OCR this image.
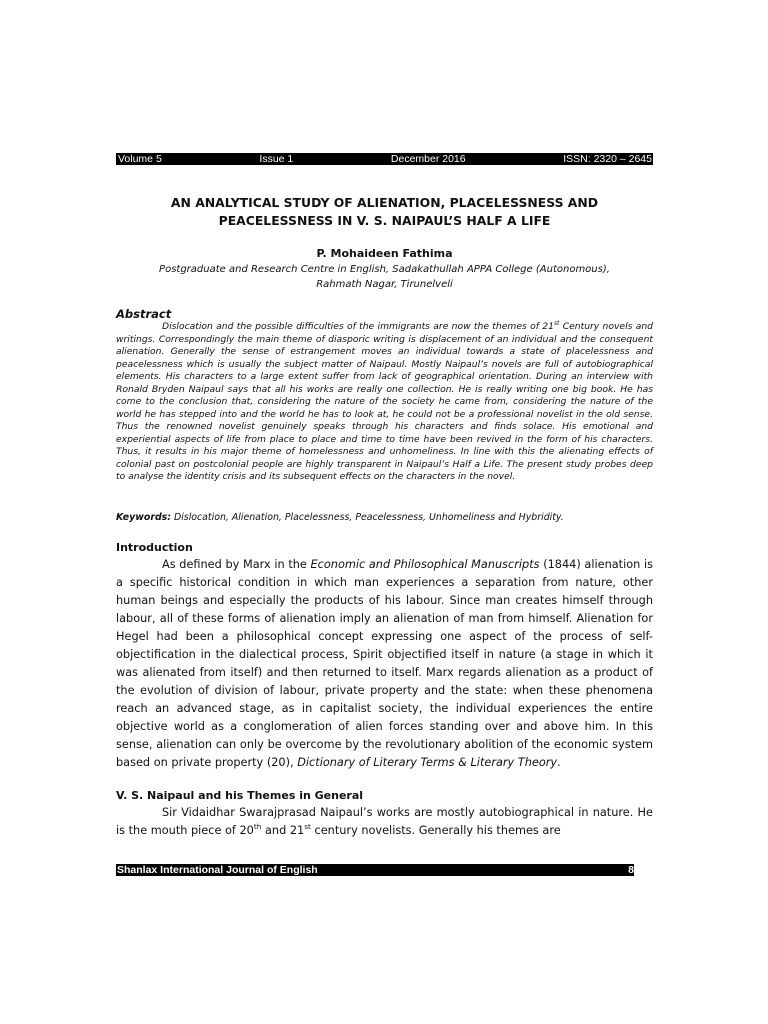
Volume 5	Issue 1	December 2016	ISSN: 2320 – 2645
AN ANALYTICAL STUDY OF ALIENATION, PLACELESSNESS AND
PEACELESSNESS IN V. S. NAIPAUL’S HALF A LIFE
P. Mohaideen Fathima
Postgraduate and Research Centre in English, Sadakathullah APPA College (Autonomous),
Rahmath Nagar, Tirunelveli
Abstract

Dislocation and the possible difficulties of the immigrants are now the themes of 21st Century novels and writings. Correspondingly the main theme of diasporic writing is displacement of an individual and the consequent alienation. Generally the sense of estrangement moves an individual towards a state of placelessness and peacelessness which is usually the subject matter of Naipaul. Mostly Naipaul’s novels are full of autobiographical elements. His characters to a large extent suffer from lack of geographical orientation. During an interview with Ronald Bryden Naipaul says that all his works are really one collection. He is really writing one big book. He has come to the conclusion that, considering the nature of the society he came from, considering the nature of the world he has stepped into and the world he has to look at, he could not be a professional novelist in the old sense. Thus the renowned novelist genuinely speaks through his characters and finds solace. His emotional and experiential aspects of life from place to place and time to time have been revived in the form of his characters. Thus, it results in his major theme of homelessness and unhomeliness. In line with this the alienating effects of colonial past on postcolonial people are highly transparent in Naipaul’s Half a Life. The present study probes deep to analyse the identity crisis and its subsequent effects on the characters in the novel.

Keywords: Dislocation, Alienation, Placelessness, Peacelessness, Unhomeliness and Hybridity.
Introduction

As defined by Marx in the Economic and Philosophical Manuscripts (1844) alienation is a specific historical condition in which man experiences a separation from nature, other human beings and especially the products of his labour. Since man creates himself through labour, all of these forms of alienation imply an alienation of man from himself. Alienation for Hegel had been a philosophical concept expressing one aspect of the process of self-objectification in the dialectical process, Spirit objectified itself in nature (a stage in which it was alienated from itself) and then returned to itself. Marx regards alienation as a product of the evolution of division of labour, private property and the state: when these phenomena reach an advanced stage, as in capitalist society, the individual experiences the entire objective world as a conglomeration of alien forces standing over and above him. In this sense, alienation can only be overcome by the revolutionary abolition of the economic system based on private property (20), Dictionary of Literary Terms & Literary Theory.

V. S. Naipaul and his Themes in General

Sir Vidaidhar Swarajprasad Naipaul’s works are mostly autobiographical in nature. He is the mouth piece of 20th and 21st century novelists. Generally his themes are

Shanlax International Journal of English	8
